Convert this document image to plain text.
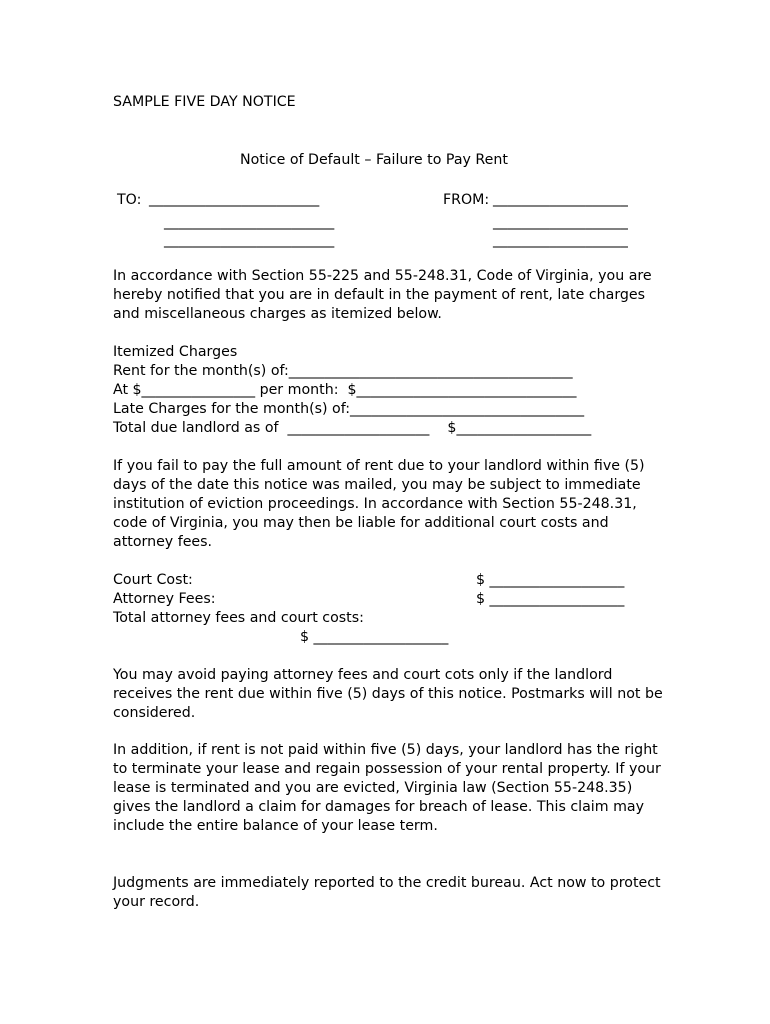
SAMPLE FIVE DAY NOTICE
Notice of Default – Failure to Pay Rent
TO: ________________________
________________________
________________________
FROM: ___________________
___________________
___________________
In accordance with Section 55-225 and 55-248.31, Code of Virginia, you are hereby notified that you are in default in the payment of rent, late charges and miscellaneous charges as itemized below.
Itemized Charges
Rent for the month(s) of:________________________________________
At $________________ per month:  $_______________________________
Late Charges for the month(s) of:_________________________________
Total due landlord as of  ____________________    $___________________
If you fail to pay the full amount of rent due to your landlord within five (5) days of the date this notice was mailed, you may be subject to immediate institution of eviction proceedings. In accordance with Section 55-248.31, code of Virginia, you may then be liable for additional court costs and attorney fees.
Court Cost:	$ ___________________
Attorney Fees:	$ ___________________
Total attorney fees and court costs:
$ ___________________
You may avoid paying attorney fees and court cots only if the landlord receives the rent due within five (5) days of this notice. Postmarks will not be considered.
In addition, if rent is not paid within five (5) days, your landlord has the right to terminate your lease and regain possession of your rental property. If your lease is terminated and you are evicted, Virginia law (Section 55-248.35) gives the landlord a claim for damages for breach of lease. This claim may include the entire balance of your lease term.
Judgments are immediately reported to the credit bureau. Act now to protect your record.
